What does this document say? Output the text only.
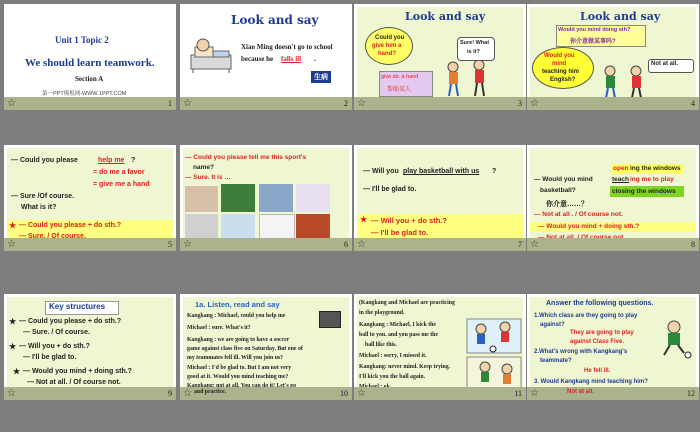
Unit 1 Topic 2
We should learn teamwork.
Section A
第一PPT模板网-WWW.1PPT.COM
☆	1
Look and say
Xiao Ming doesn't go to school
because he falls ill .
生病
☆	2
Look and say
Could you
give him a
hand?
Sure! What
is it?
give sb. a hand
帮助某人
☆	3
Look and say
Would you mind doing sth?
你介意做某事吗?
Would you
mind
teaching him
English?
Not at all.
☆	4
— Could you please	help me ?
= do me a favor
= give me a hand
— Sure /Of course.
What is it?
★ — Could you please + do sth.?
— Sure. / Of course.
☆	5
— Could you please tell me this sport's
name?
— Sure. It is …
☆	6
— Will you play basketball with us ?
— I'll be glad to.
★ — Will you + do sth.?
— I'll be glad to.
☆	7
open ing the windows
— Would you mind	teach ing me to play
basketball?	closing the windows
你介意……？
— Not at all . / Of course not.
— Would you mind + doing sth.?
— Not at all. / Of course not.
☆	8
Key structures
★ — Could you please + do sth.?
— Sure. / Of course.
★ — Will you + do sth.?
— I'll be glad to.
★ — Would you mind + doing sth.?
— Not at all. / Of course not.
☆	9
1a. Listen, read and say
Kangkang : Michael, could you help me
Michael : sure. What's it?
Kangkang : we are going to have a soccer
game against class five on Saturday. But one of
my teammates fell ill. Will you join us?
Michael : I'd be glad to. But I am not very
good at it. Would you mind teaching me?
Kangkang: not at all. You can do it! Let's go
☆ and practice.	10
(Kangkang and Michael are practicing
in the playground.
Kangkang : Michael, I kick the
ball to you. and you pass me the
ball like this.
Michael : sorry, I missed it.
Kangkang: never mind. Keep trying.
I'll kick you the ball again.
Michael : ok.
☆	11
Answer the following questions.
1.Which class are they going to play
against?
They are going to play
against Class Five.
2.What's wrong with Kangkang's
teammate?
He fell ill.
3. Would Kangkang mind teaching him?
☆	Not at all.	12
